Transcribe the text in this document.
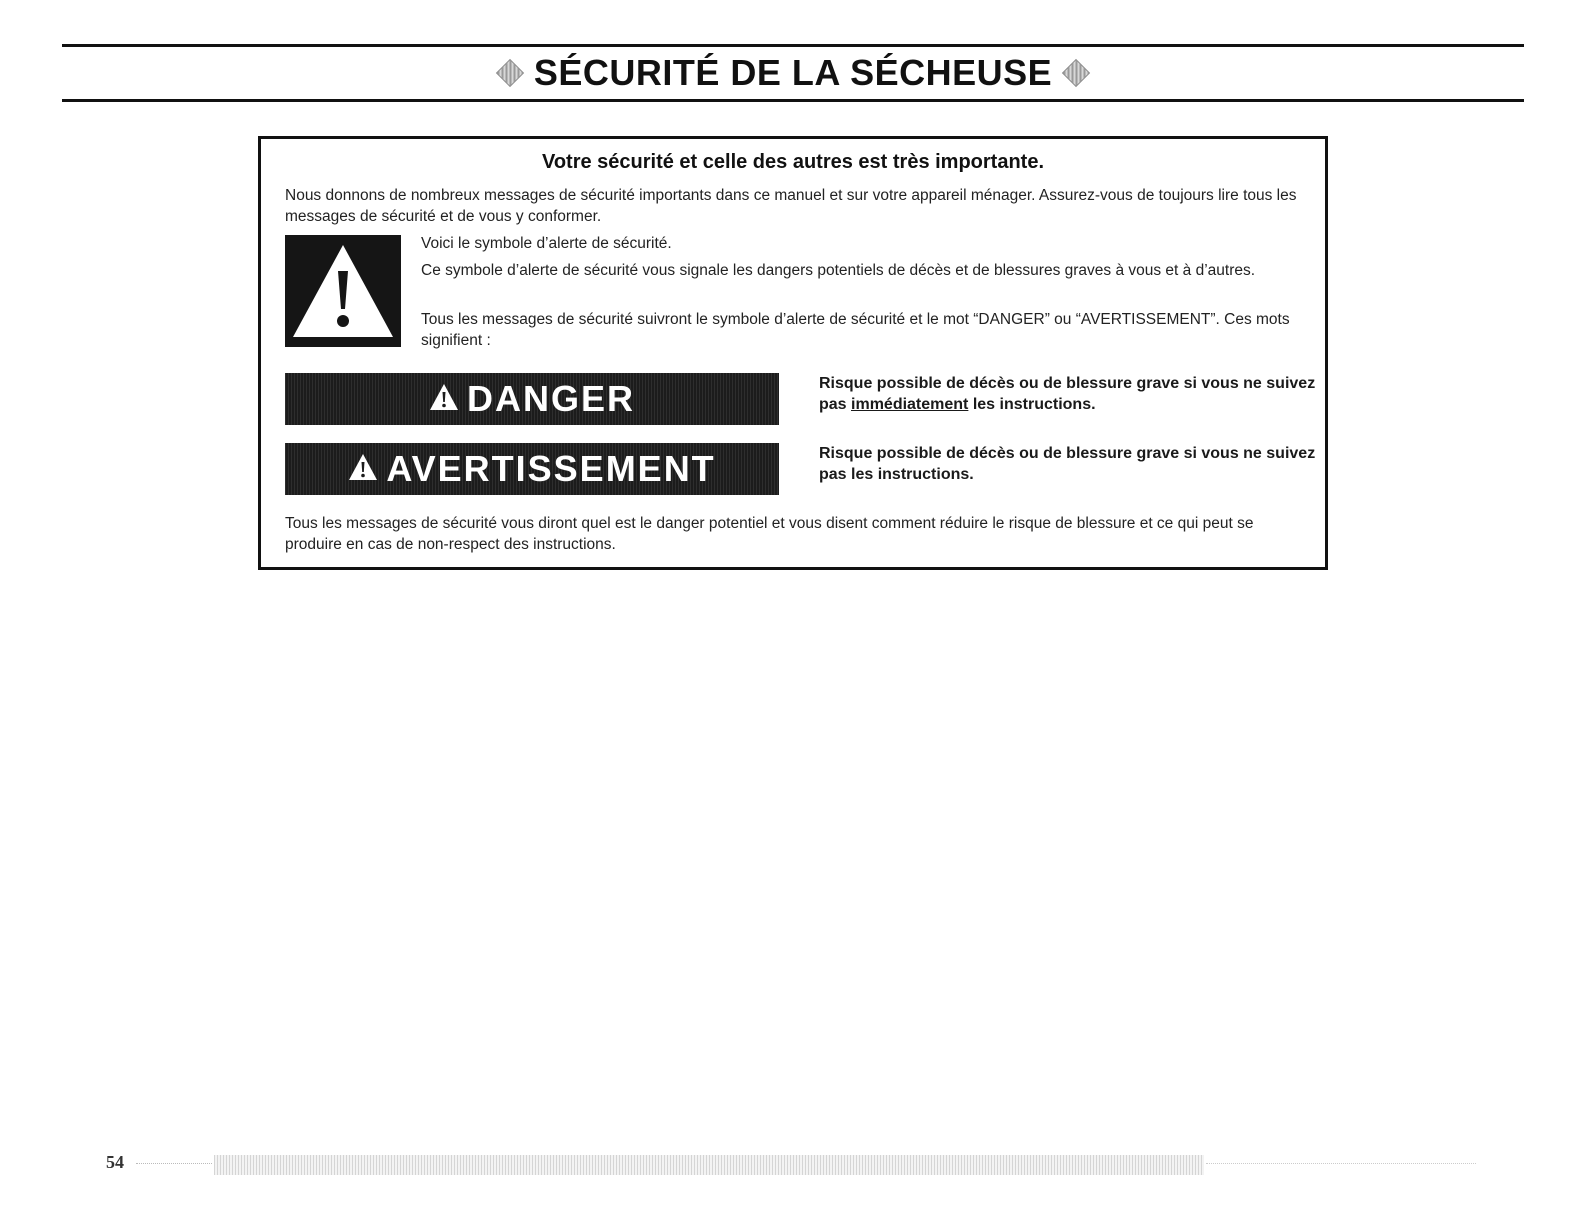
SÉCURITÉ DE LA SÉCHEUSE
Votre sécurité et celle des autres est très importante.
Nous donnons de nombreux messages de sécurité importants dans ce manuel et sur votre appareil ménager. Assurez-vous de toujours lire tous les messages de sécurité et de vous y conformer.
Voici le symbole d’alerte de sécurité.
Ce symbole d’alerte de sécurité vous signale les dangers potentiels de décès et de blessures graves à vous et à d’autres.
Tous les messages de sécurité suivront le symbole d’alerte de sécurité et le mot “DANGER” ou “AVERTISSEMENT”. Ces mots signifient :
DANGER	Risque possible de décès ou de blessure grave si vous ne suivez pas immédiatement les instructions.
AVERTISSEMENT	Risque possible de décès ou de blessure grave si vous ne suivez pas les instructions.
Tous les messages de sécurité vous diront quel est le danger potentiel et vous disent comment réduire le risque de blessure et ce qui peut se produire en cas de non-respect des instructions.
54
